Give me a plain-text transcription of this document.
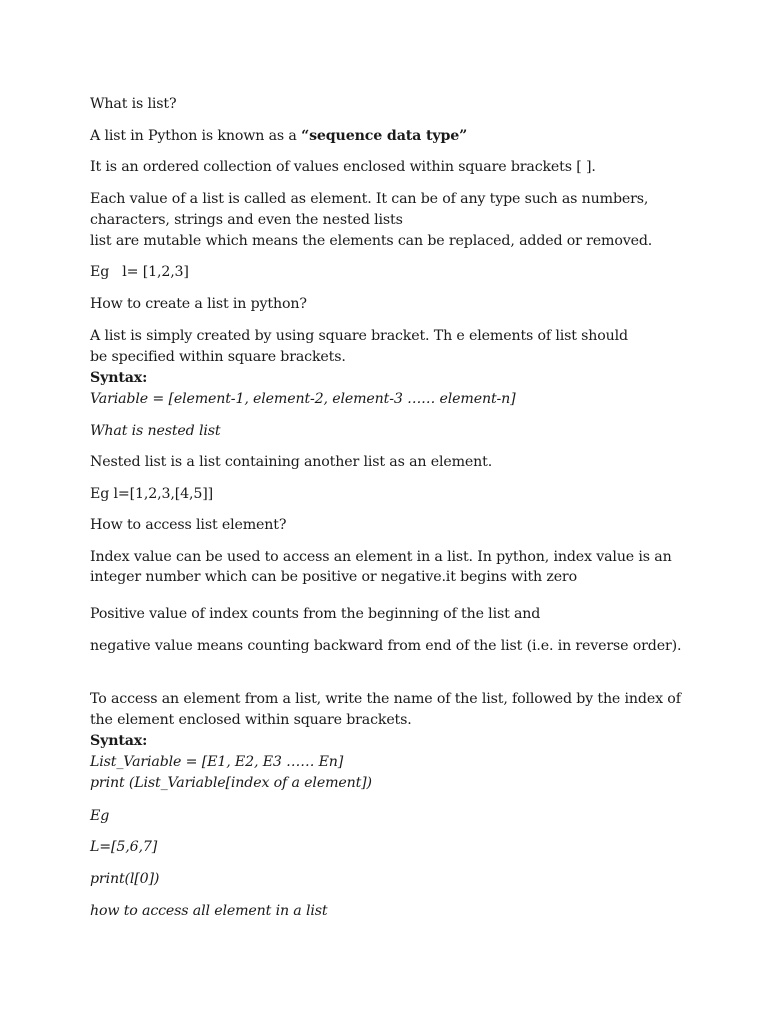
What is list?
A list in Python is known as a “sequence data type”
It is an ordered collection of values enclosed within square brackets [ ].
Each value of a list is called as element. It can be of any type such as numbers,
characters, strings and even the nested lists
list are mutable which means the elements can be replaced, added or removed.
Eg   l= [1,2,3]
How to create a list in python?
A list is simply created by using square bracket. Th e elements of list should
be specified within square brackets.
Syntax:
Variable = [element-1, element-2, element-3 …… element-n]
What is nested list
Nested list is a list containing another list as an element.
Eg l=[1,2,3,[4,5]]
How to access list element?
Index value can be used to access an element in a list. In python, index value is an
integer number which can be positive or negative.it begins with zero
Positive value of index counts from the beginning of the list and
negative value means counting backward from end of the list (i.e. in reverse order).
To access an element from a list, write the name of the list, followed by the index of
the element enclosed within square brackets.
Syntax:
List_Variable = [E1, E2, E3 …… En]
print (List_Variable[index of a element])
Eg
L=[5,6,7]
print(l[0])
how to access all element in a list
